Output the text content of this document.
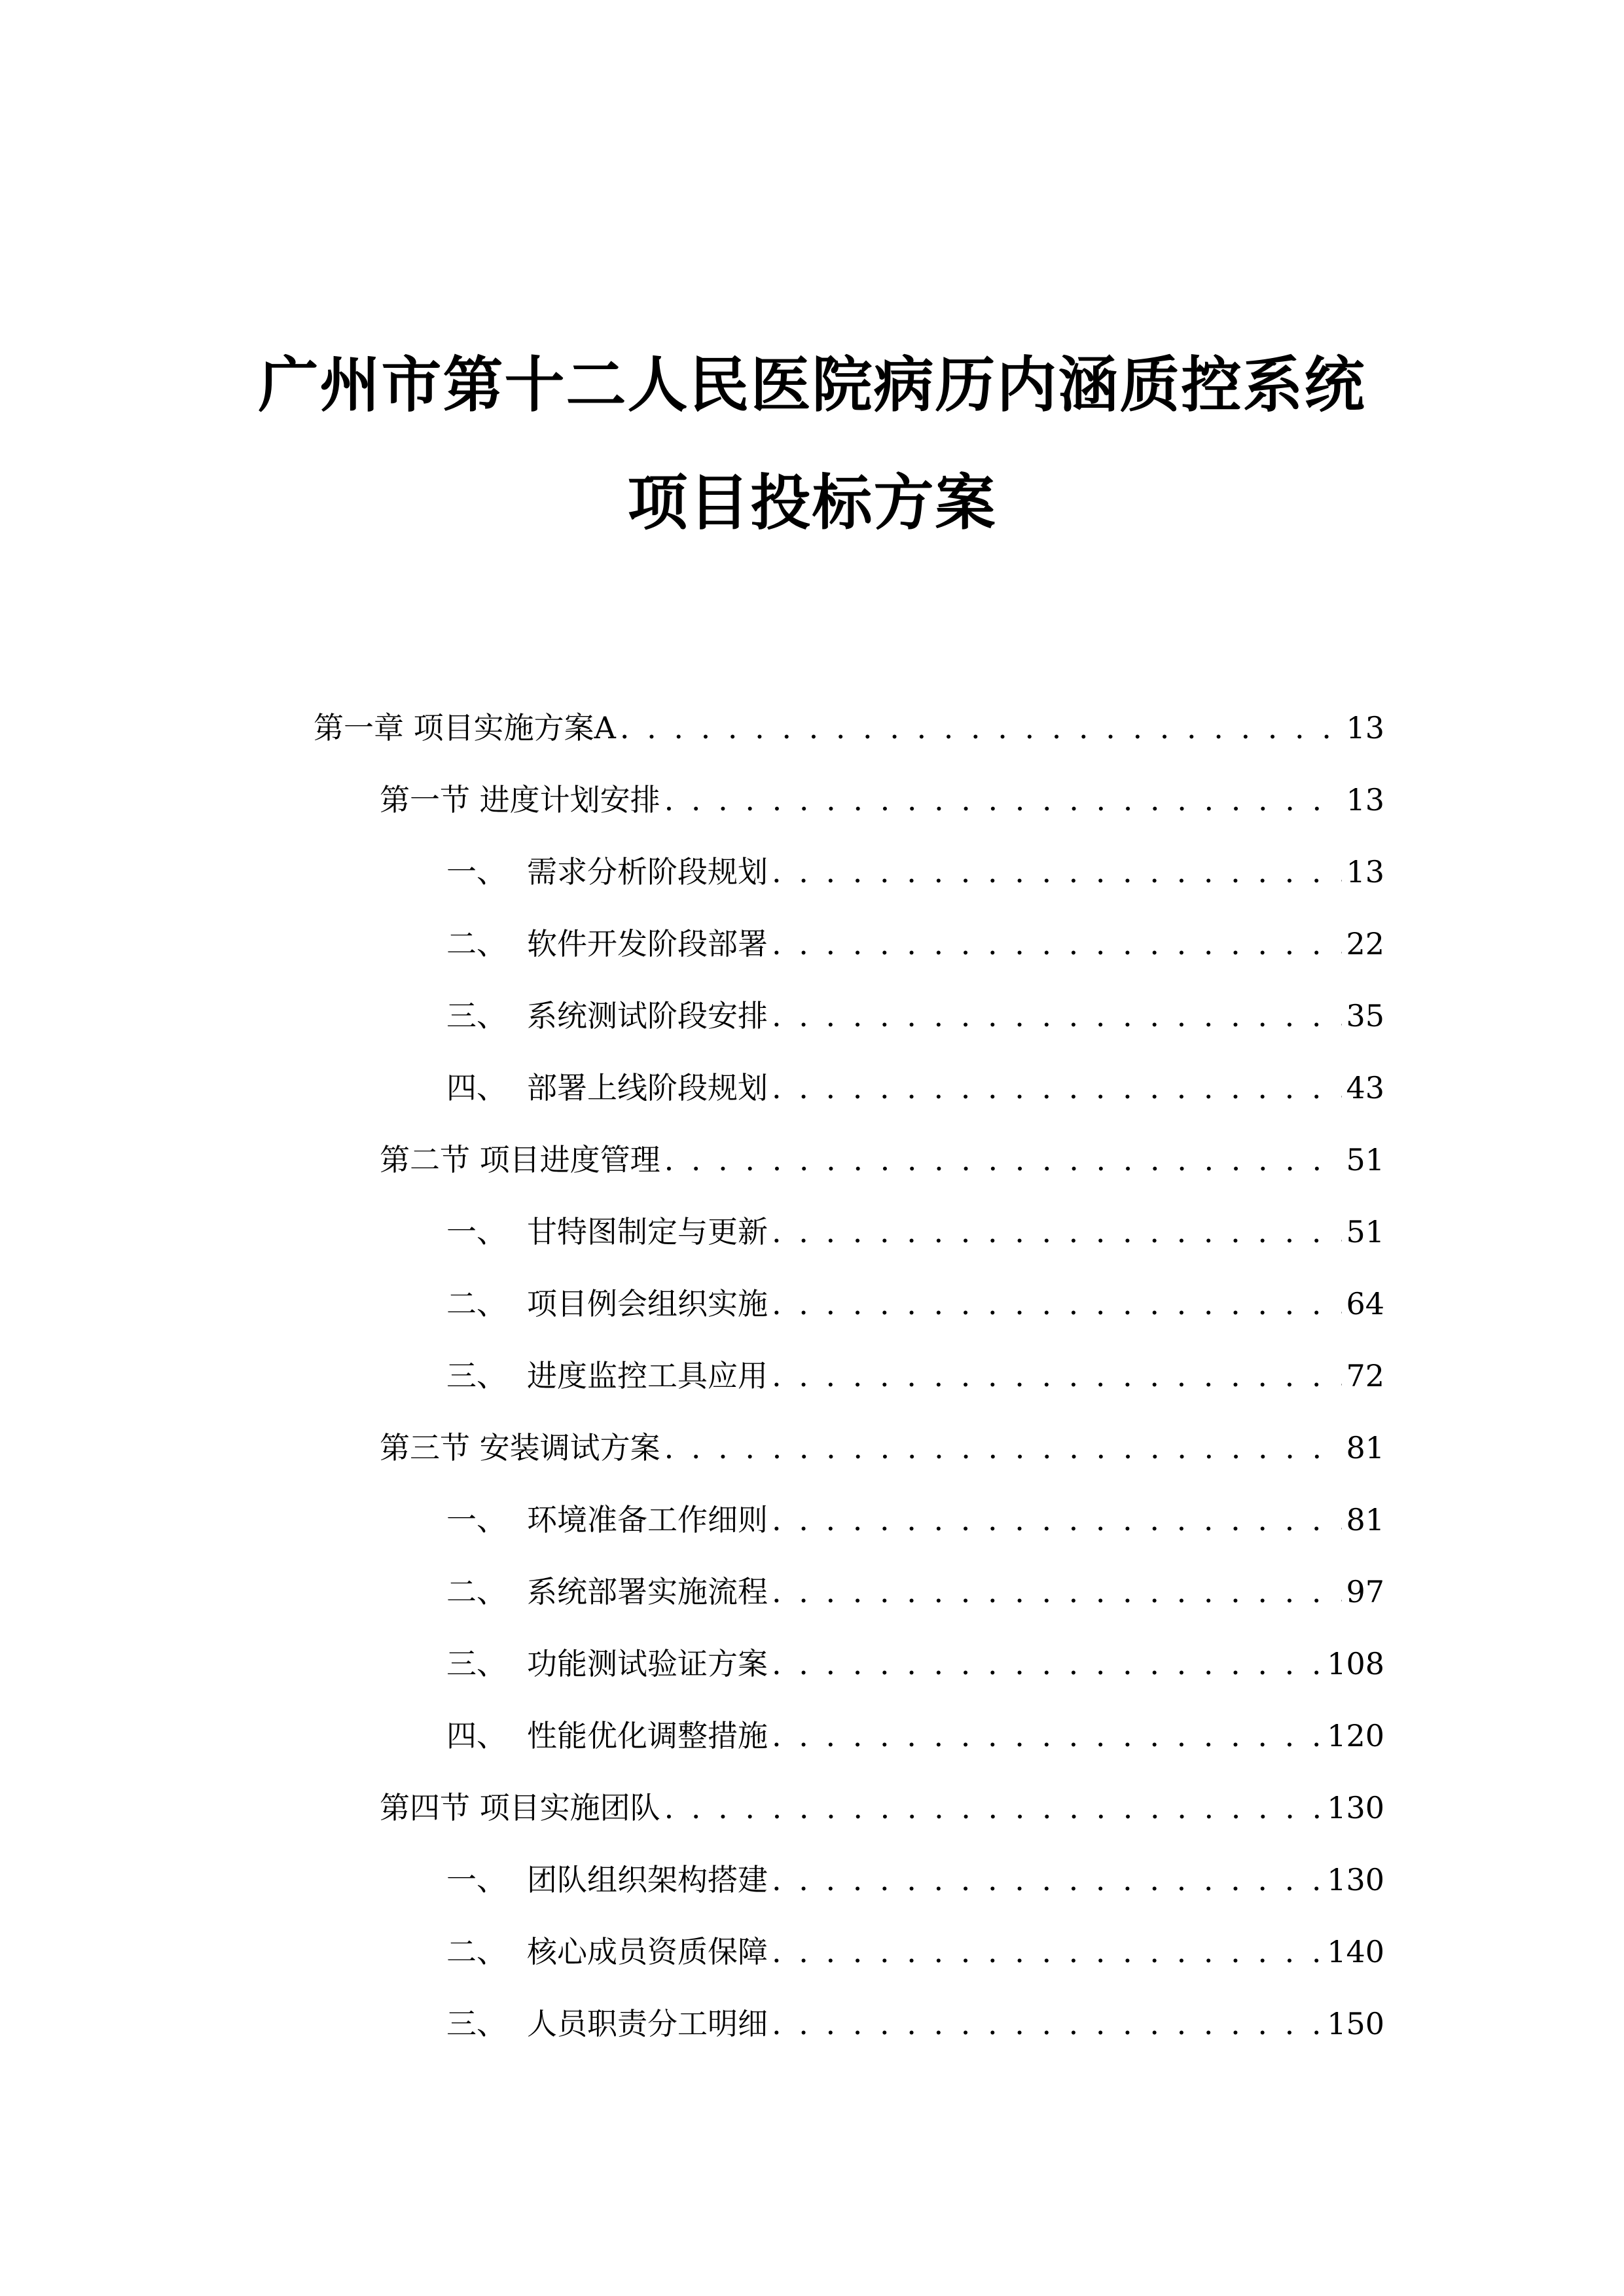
广州市第十二人民医院病历内涵质控系统
项目投标方案
第一章 项目实施方案A . . .	13
第一节 进度计划安排 . . .	13
一、 需求分析阶段规划 . . .	13
二、 软件开发阶段部署 . . .	22
三、 系统测试阶段安排 . . .	35
四、 部署上线阶段规划 . . .	43
第二节 项目进度管理 . . .	51
一、 甘特图制定与更新 . . .	51
二、 项目例会组织实施 . . .	64
三、 进度监控工具应用 . . .	72
第三节 安装调试方案 . . .	81
一、 环境准备工作细则 . . .	81
二、 系统部署实施流程 . . .	97
三、 功能测试验证方案 . . .	108
四、 性能优化调整措施 . . .	120
第四节 项目实施团队 . . .	130
一、 团队组织架构搭建 . . .	130
二、 核心成员资质保障 . . .	140
三、 人员职责分工明细 . . .	150
